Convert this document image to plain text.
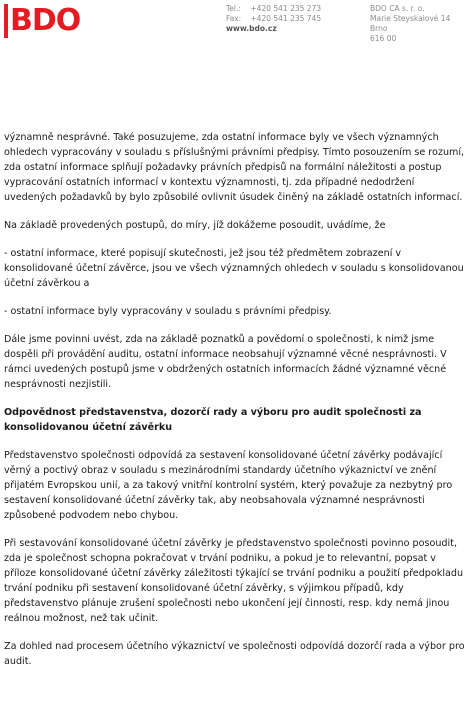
BDO	Tel.: +420 541 235 273
Fax: +420 541 235 745
www.bdo.cz
BDO CA s. r. o.
Marie Steyskalové 14
Brno
616 00

významně nesprávné. Také posuzujeme, zda ostatní informace byly ve všech významných ohledech vypracovány v souladu s příslušnými právními předpisy. Tímto posouzením se rozumí, zda ostatní informace splňují požadavky právních předpisů na formální náležitosti a postup vypracování ostatních informací v kontextu významnosti, tj. zda případné nedodržení uvedených požadavků by bylo způsobilé ovlivnit úsudek činěný na základě ostatních informací.

Na základě provedených postupů, do míry, jíž dokážeme posoudit, uvádíme, že

- ostatní informace, které popisují skutečnosti, jež jsou též předmětem zobrazení v konsolidované účetní závěrce, jsou ve všech významných ohledech v souladu s konsolidovanou účetní závěrkou a

- ostatní informace byly vypracovány v souladu s právními předpisy.

Dále jsme povinni uvést, zda na základě poznatků a povědomí o společnosti, k nimž jsme dospěli při provádění auditu, ostatní informace neobsahují významné věcné nesprávnosti. V rámci uvedených postupů jsme v obdržených ostatních informacích žádné významné věcné nesprávnosti nezjistili.

Odpovědnost představenstva, dozorčí rady a výboru pro audit společnosti za konsolidovanou účetní závěrku

Představenstvo společnosti odpovídá za sestavení konsolidované účetní závěrky podávající věrný a poctivý obraz v souladu s mezinárodními standardy účetního výkaznictví ve znění přijatém Evropskou unií, a za takový vnitřní kontrolní systém, který považuje za nezbytný pro sestavení konsolidované účetní závěrky tak, aby neobsahovala významné nesprávnosti způsobené podvodem nebo chybou.

Při sestavování konsolidované účetní závěrky je představenstvo společnosti povinno posoudit, zda je společnost schopna pokračovat v trvání podniku, a pokud je to relevantní, popsat v příloze konsolidované účetní závěrky záležitosti týkající se trvání podniku a použití předpokladu trvání podniku při sestavení konsolidované účetní závěrky, s výjimkou případů, kdy představenstvo plánuje zrušení společnosti nebo ukončení její činnosti, resp. kdy nemá jinou reálnou možnost, než tak učinit.

Za dohled nad procesem účetního výkaznictví ve společnosti odpovídá dozorčí rada a výbor pro audit.
